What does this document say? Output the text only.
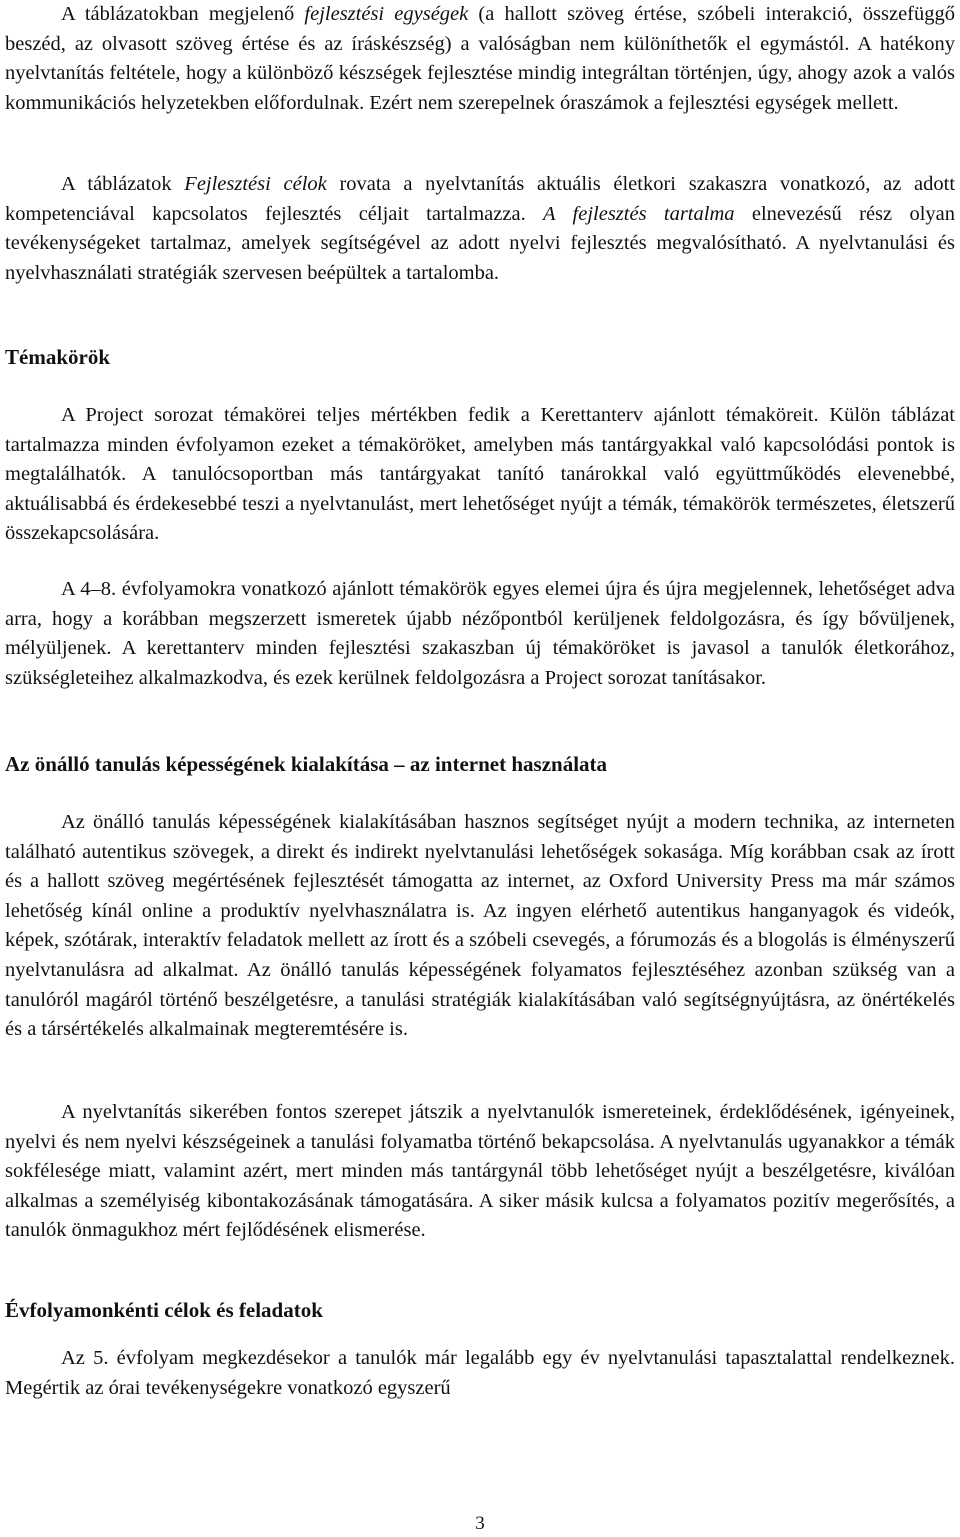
A táblázatokban megjelenő fejlesztési egységek (a hallott szöveg értése, szóbeli interakció, összefüggő beszéd, az olvasott szöveg értése és az íráskészség) a valóságban nem különíthetők el egymástól. A hatékony nyelvtanítás feltétele, hogy a különböző készségek fejlesztése mindig integráltan történjen, úgy, ahogy azok a valós kommunikációs helyzetekben előfordulnak. Ezért nem szerepelnek óraszámok a fejlesztési egységek mellett.

A táblázatok Fejlesztési célok rovata a nyelvtanítás aktuális életkori szakaszra vonatkozó, az adott kompetenciával kapcsolatos fejlesztés céljait tartalmazza. A fejlesztés tartalma elnevezésű rész olyan tevékenységeket tartalmaz, amelyek segítségével az adott nyelvi fejlesztés megvalósítható. A nyelvtanulási és nyelvhasználati stratégiák szervesen beépültek a tartalomba.

Témakörök

A Project sorozat témakörei teljes mértékben fedik a Kerettanterv ajánlott témaköreit. Külön táblázat tartalmazza minden évfolyamon ezeket a témaköröket, amelyben más tantárgyakkal való kapcsolódási pontok is megtalálhatók. A tanulócsoportban más tantárgyakat tanító tanárokkal való együttműködés elevenebbé, aktuálisabbá és érdekesebbé teszi a nyelvtanulást, mert lehetőséget nyújt a témák, témakörök természetes, életszerű összekapcsolására.

A 4–8. évfolyamokra vonatkozó ajánlott témakörök egyes elemei újra és újra megjelennek, lehetőséget adva arra, hogy a korábban megszerzett ismeretek újabb nézőpontból kerüljenek feldolgozásra, és így bővüljenek, mélyüljenek. A kerettanterv minden fejlesztési szakaszban új témaköröket is javasol a tanulók életkorához, szükségleteihez alkalmazkodva, és ezek kerülnek feldolgozásra a Project sorozat tanításakor.

Az önálló tanulás képességének kialakítása – az internet használata

Az önálló tanulás képességének kialakításában hasznos segítséget nyújt a modern technika, az interneten található autentikus szövegek, a direkt és indirekt nyelvtanulási lehetőségek sokasága. Míg korábban csak az írott és a hallott szöveg megértésének fejlesztését támogatta az internet, az Oxford University Press ma már számos lehetőség kínál online a produktív nyelvhasználatra is. Az ingyen elérhető autentikus hanganyagok és videók, képek, szótárak, interaktív feladatok mellett az írott és a szóbeli csevegés, a fórumozás és a blogolás is élményszerű nyelvtanulásra ad alkalmat. Az önálló tanulás képességének folyamatos fejlesztéséhez azonban szükség van a tanulóról magáról történő beszélgetésre, a tanulási stratégiák kialakításában való segítségnyújtásra, az önértékelés és a társértékelés alkalmainak megteremtésére is.

A nyelvtanítás sikerében fontos szerepet játszik a nyelvtanulók ismereteinek, érdeklődésének, igényeinek, nyelvi és nem nyelvi készségeinek a tanulási folyamatba történő bekapcsolása. A nyelvtanulás ugyanakkor a témák sokfélesége miatt, valamint azért, mert minden más tantárgynál több lehetőséget nyújt a beszélgetésre, kiválóan alkalmas a személyiség kibontakozásának támogatására. A siker másik kulcsa a folyamatos pozitív megerősítés, a tanulók önmagukhoz mért fejlődésének elismerése.

Évfolyamonkénti célok és feladatok

Az 5. évfolyam megkezdésekor a tanulók már legalább egy év nyelvtanulási tapasztalattal rendelkeznek. Megértik az órai tevékenységekre vonatkozó egyszerű

3
